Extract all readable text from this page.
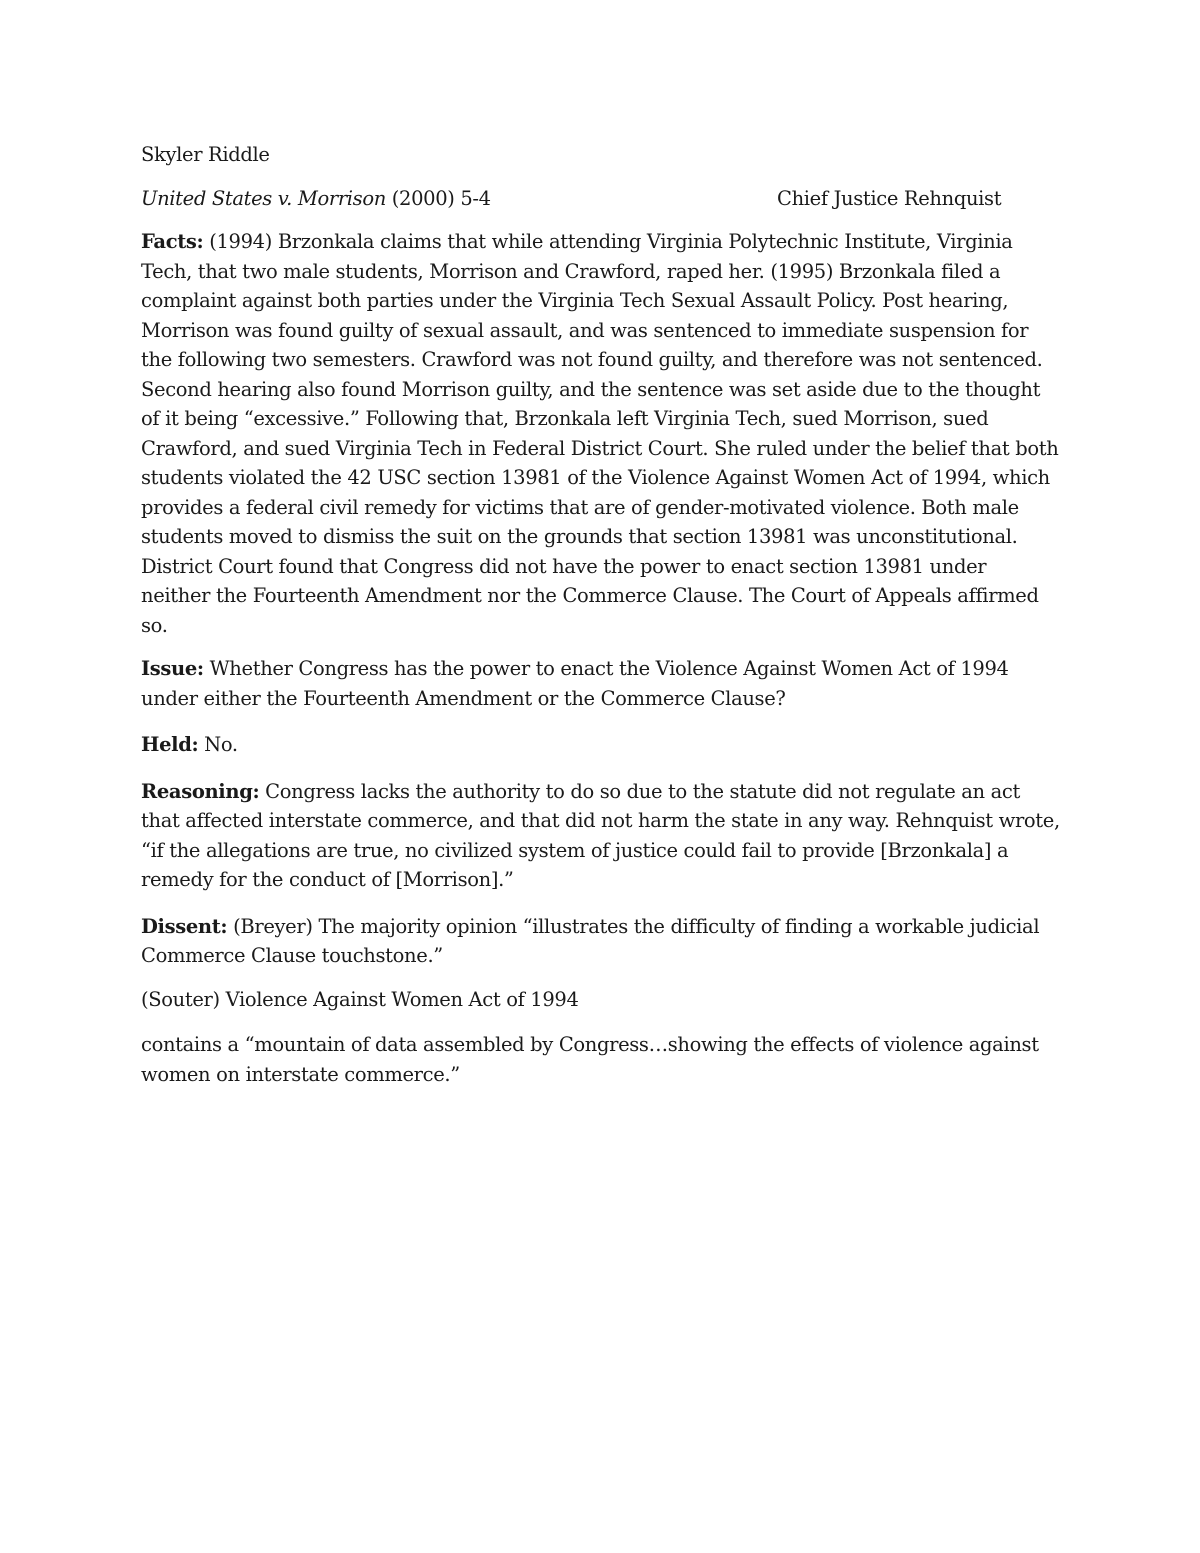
Skyler Riddle

United States v. Morrison (2000) 5-4	Chief Justice Rehnquist

Facts: (1994) Brzonkala claims that while attending Virginia Polytechnic Institute, Virginia Tech, that two male students, Morrison and Crawford, raped her. (1995) Brzonkala filed a complaint against both parties under the Virginia Tech Sexual Assault Policy. Post hearing, Morrison was found guilty of sexual assault, and was sentenced to immediate suspension for the following two semesters. Crawford was not found guilty, and therefore was not sentenced. Second hearing also found Morrison guilty, and the sentence was set aside due to the thought of it being “excessive.” Following that, Brzonkala left Virginia Tech, sued Morrison, sued Crawford, and sued Virginia Tech in Federal District Court. She ruled under the belief that both students violated the 42 USC section 13981 of the Violence Against Women Act of 1994, which provides a federal civil remedy for victims that are of gender-motivated violence. Both male students moved to dismiss the suit on the grounds that section 13981 was unconstitutional. District Court found that Congress did not have the power to enact section 13981 under neither the Fourteenth Amendment nor the Commerce Clause. The Court of Appeals affirmed so.

Issue: Whether Congress has the power to enact the Violence Against Women Act of 1994 under either the Fourteenth Amendment or the Commerce Clause?

Held: No.

Reasoning: Congress lacks the authority to do so due to the statute did not regulate an act that affected interstate commerce, and that did not harm the state in any way. Rehnquist wrote, “if the allegations are true, no civilized system of justice could fail to provide [Brzonkala] a remedy for the conduct of [Morrison].”

Dissent: (Breyer) The majority opinion “illustrates the difficulty of finding a workable judicial Commerce Clause touchstone.”

(Souter) Violence Against Women Act of 1994

contains a “mountain of data assembled by Congress…showing the effects of violence against women on interstate commerce.”
